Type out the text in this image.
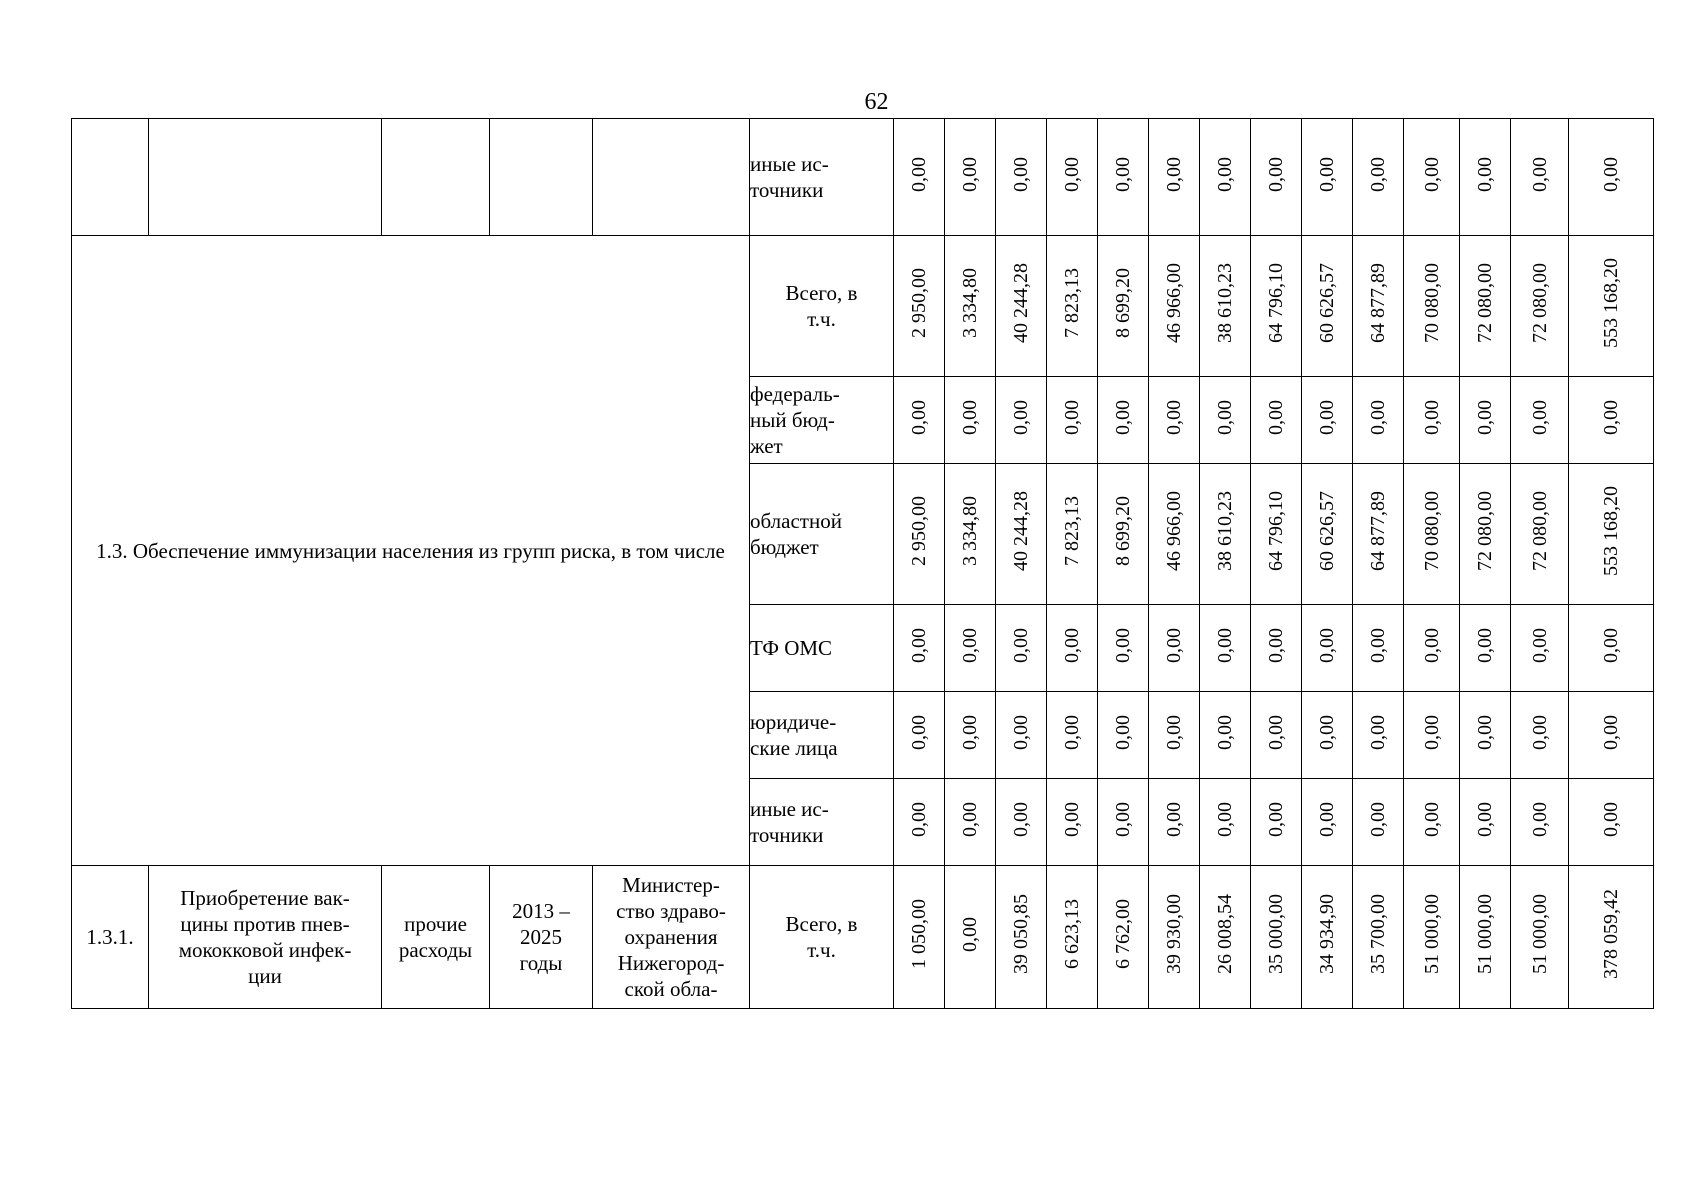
62
					иные ис-
точники	0,00	0,00	0,00	0,00	0,00	0,00	0,00	0,00	0,00	0,00	0,00	0,00	0,00	0,00
1.3. Обеспечение иммунизации населения из групп риска, в том числе					Всего, в
т.ч.	2 950,00	3 334,80	40 244,28	7 823,13	8 699,20	46 966,00	38 610,23	64 796,10	60 626,57	64 877,89	70 080,00	72 080,00	72 080,00	553 168,20
					федераль-
ный бюд-
жет	0,00	0,00	0,00	0,00	0,00	0,00	0,00	0,00	0,00	0,00	0,00	0,00	0,00	0,00
					областной
бюджет	2 950,00	3 334,80	40 244,28	7 823,13	8 699,20	46 966,00	38 610,23	64 796,10	60 626,57	64 877,89	70 080,00	72 080,00	72 080,00	553 168,20
					ТФ ОМС	0,00	0,00	0,00	0,00	0,00	0,00	0,00	0,00	0,00	0,00	0,00	0,00	0,00	0,00
					юридиче-
ские лица	0,00	0,00	0,00	0,00	0,00	0,00	0,00	0,00	0,00	0,00	0,00	0,00	0,00	0,00
					иные ис-
точники	0,00	0,00	0,00	0,00	0,00	0,00	0,00	0,00	0,00	0,00	0,00	0,00	0,00	0,00
1.3.1.	Приобретение вак-
цины против пнев-
мококковой инфек-
ции	прочие
расходы	2013 –
2025
годы	Министер-
ство здраво-
охранения
Нижегород-
ской обла-	Всего, в
т.ч.	1 050,00	0,00	39 050,85	6 623,13	6 762,00	39 930,00	26 008,54	35 000,00	34 934,90	35 700,00	51 000,00	51 000,00	51 000,00	378 059,42
